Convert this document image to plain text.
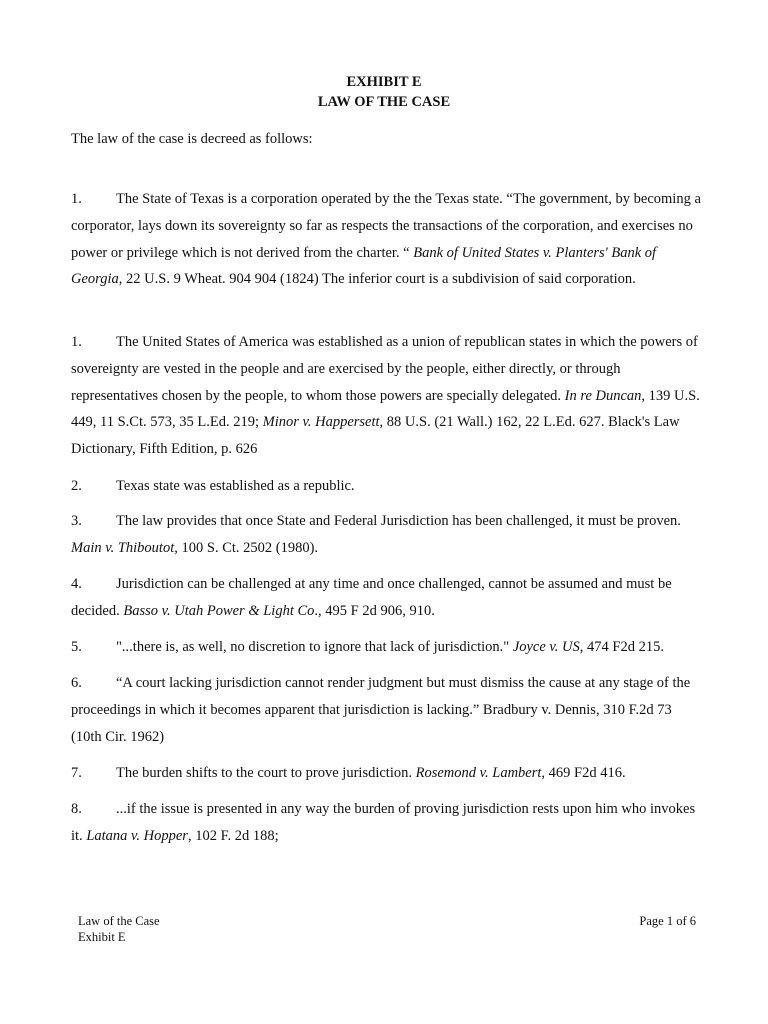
EXHIBIT E
LAW OF THE CASE
The law of the case is decreed as follows:

1. The State of Texas is a corporation operated by the the Texas state. “The government, by becoming a corporator, lays down its sovereignty so far as respects the transactions of the corporation, and exercises no power or privilege which is not derived from the charter. “ Bank of United States v. Planters' Bank of Georgia, 22 U.S. 9 Wheat. 904 904 (1824) The inferior court is a subdivision of said corporation.

1. The United States of America was established as a union of republican states in which the powers of sovereignty are vested in the people and are exercised by the people, either directly, or through representatives chosen by the people, to whom those powers are specially delegated. In re Duncan, 139 U.S. 449, 11 S.Ct. 573, 35 L.Ed. 219; Minor v. Happersett, 88 U.S. (21 Wall.) 162, 22 L.Ed. 627. Black's Law Dictionary, Fifth Edition, p. 626

2. Texas state was established as a republic.

3. The law provides that once State and Federal Jurisdiction has been challenged, it must be proven. Main v. Thiboutot, 100 S. Ct. 2502 (1980).

4. Jurisdiction can be challenged at any time and once challenged, cannot be assumed and must be decided. Basso v. Utah Power & Light Co., 495 F 2d 906, 910.

5. "...there is, as well, no discretion to ignore that lack of jurisdiction." Joyce v. US, 474 F2d 215.

6. “A court lacking jurisdiction cannot render judgment but must dismiss the cause at any stage of the proceedings in which it becomes apparent that jurisdiction is lacking.” Bradbury v. Dennis, 310 F.2d 73 (10th Cir. 1962)

7. The burden shifts to the court to prove jurisdiction. Rosemond v. Lambert, 469 F2d 416.

8. ...if the issue is presented in any way the burden of proving jurisdiction rests upon him who invokes it. Latana v. Hopper, 102 F. 2d 188;

Law of the Case
Exhibit E
Page 1 of 6
